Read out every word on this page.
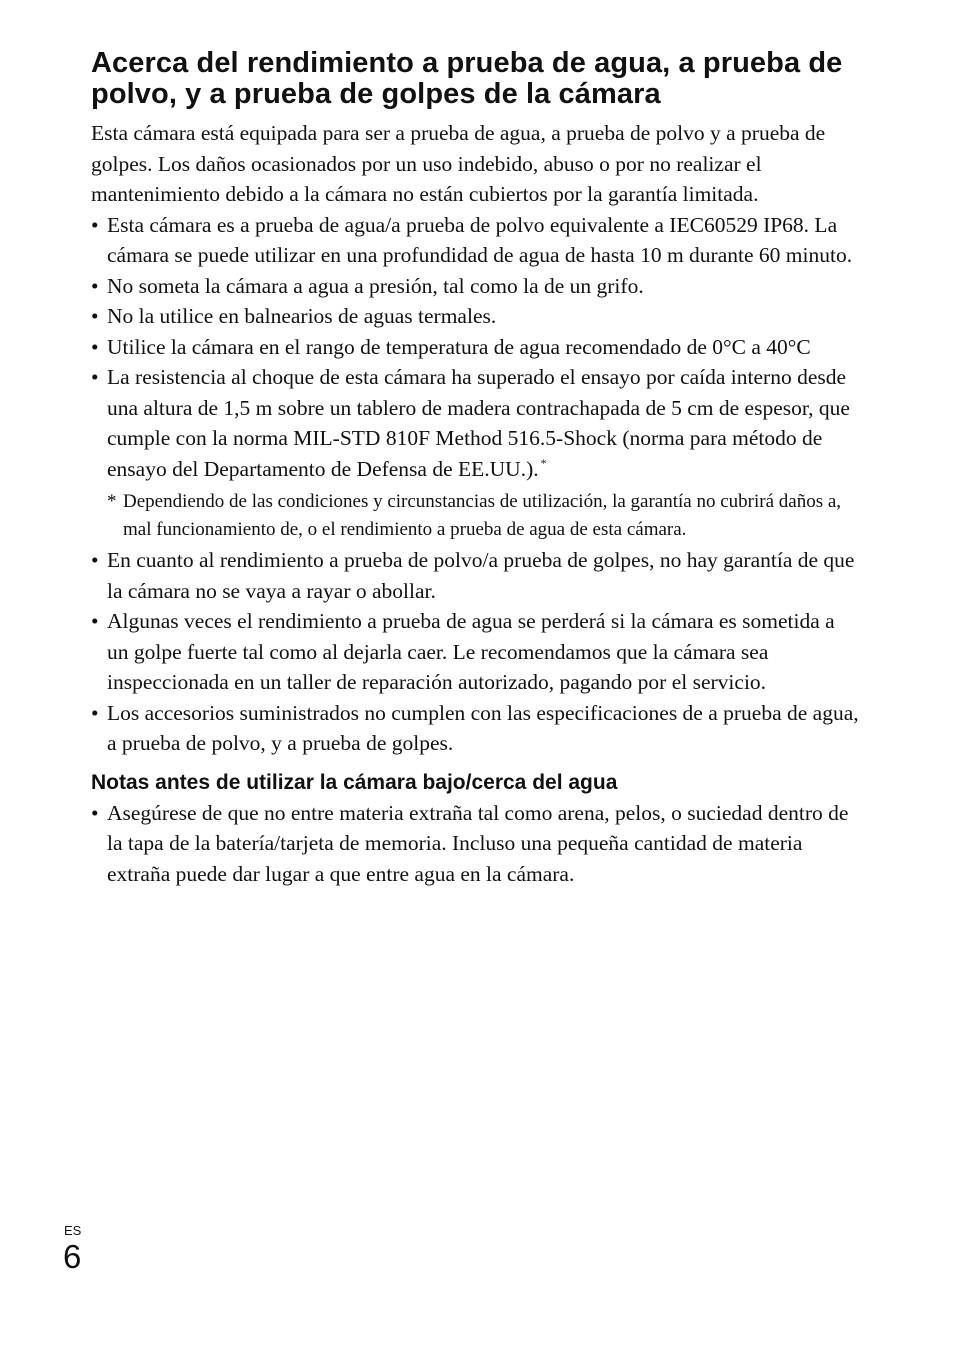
Acerca del rendimiento a prueba de agua, a prueba de polvo, y a prueba de golpes de la cámara

Esta cámara está equipada para ser a prueba de agua, a prueba de polvo y a prueba de golpes. Los daños ocasionados por un uso indebido, abuso o por no realizar el mantenimiento debido a la cámara no están cubiertos por la garantía limitada.

• Esta cámara es a prueba de agua/a prueba de polvo equivalente a IEC60529 IP68. La cámara se puede utilizar en una profundidad de agua de hasta 10 m durante 60 minuto.
• No someta la cámara a agua a presión, tal como la de un grifo.
• No la utilice en balnearios de aguas termales.
• Utilice la cámara en el rango de temperatura de agua recomendado de 0°C a 40°C
• La resistencia al choque de esta cámara ha superado el ensayo por caída interno desde una altura de 1,5 m sobre un tablero de madera contrachapada de 5 cm de espesor, que cumple con la norma MIL-STD 810F Method 516.5-Shock (norma para método de ensayo del Departamento de Defensa de EE.UU.). *
* Dependiendo de las condiciones y circunstancias de utilización, la garantía no cubrirá daños a, mal funcionamiento de, o el rendimiento a prueba de agua de esta cámara.
• En cuanto al rendimiento a prueba de polvo/a prueba de golpes, no hay garantía de que la cámara no se vaya a rayar o abollar.
• Algunas veces el rendimiento a prueba de agua se perderá si la cámara es sometida a un golpe fuerte tal como al dejarla caer. Le recomendamos que la cámara sea inspeccionada en un taller de reparación autorizado, pagando por el servicio.
• Los accesorios suministrados no cumplen con las especificaciones de a prueba de agua, a prueba de polvo, y a prueba de golpes.
Notas antes de utilizar la cámara bajo/cerca del agua
• Asegúrese de que no entre materia extraña tal como arena, pelos, o suciedad dentro de la tapa de la batería/tarjeta de memoria. Incluso una pequeña cantidad de materia extraña puede dar lugar a que entre agua en la cámara.
ES
6
